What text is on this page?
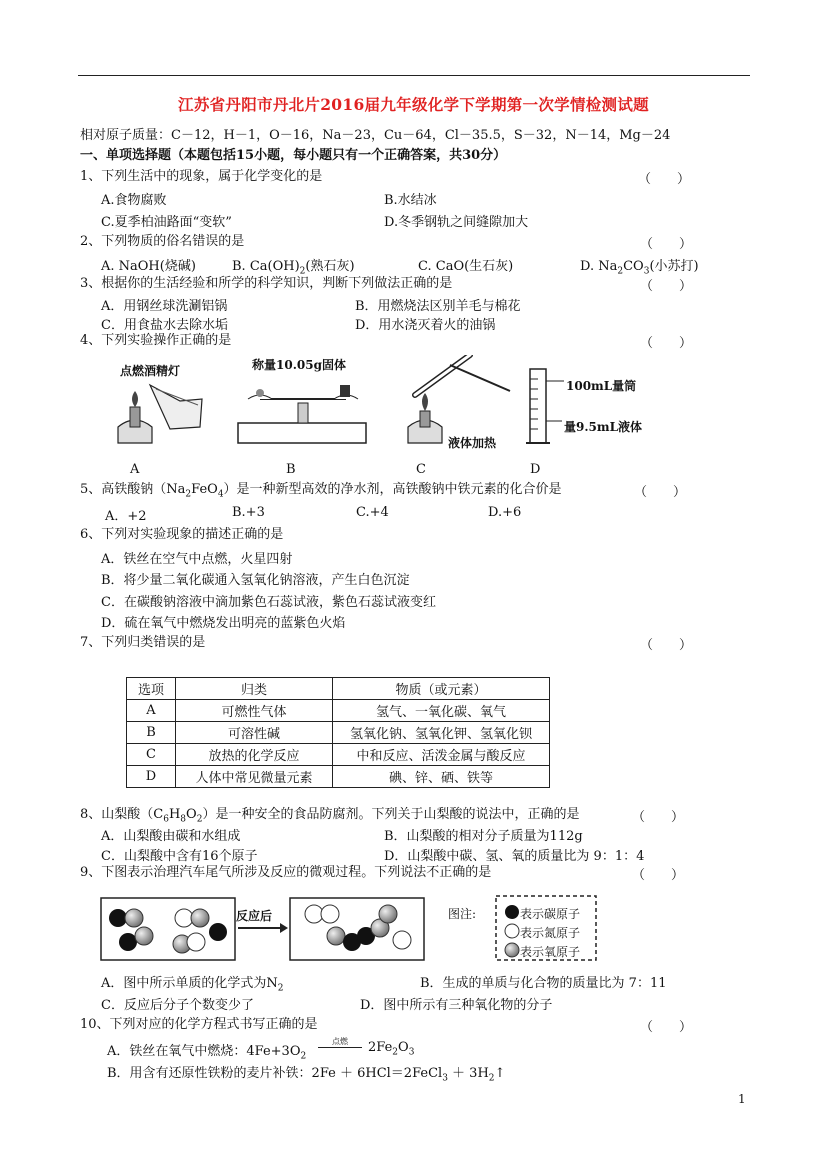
江苏省丹阳市丹北片2016届九年级化学下学期第一次学情检测试题
相对原子质量：C－12，H－1，O－16，Na－23，Cu－64，Cl－35.5，S－32，N－14，Mg－24
一、单项选择题（本题包括15小题，每小题只有一个正确答案，共30分）
1、下列生活中的现象，属于化学变化的是	（　　）
A.食物腐败	B.水结冰
C.夏季柏油路面“变软”	D.冬季钢轨之间缝隙加大
2、下列物质的俗名错误的是	（　　）
A. NaOH(烧碱)	B. $Ca(OH)_2$(熟石灰)	C. CaO(生石灰)	D. $Na_2CO_3$(小苏打)
3、根据你的生活经验和所学的科学知识，判断下列做法正确的是	（　　）
A．用钢丝球洗涮铝锅	B．用燃烧法区别羊毛与棉花
C．用食盐水去除水垢	D．用水浇灭着火的油锅
4、下列实验操作正确的是	（　　）
点燃酒精灯	称量10.05g固体
液体加热
100mL量筒
量9.5mL液体
A	B	C	D
5、高铁酸钠$(Na_2FeO_4)$是一种新型高效的净水剂，高铁酸钠中铁元素的化合价是	（　　）
A．+2	B.+3	C.+4	D.+6
6、下列对实验现象的描述正确的是
A．铁丝在空气中点燃，火星四射
B．将少量二氧化碳通入氢氧化钠溶液，产生白色沉淀
C．在碳酸钠溶液中滴加紫色石蕊试液，紫色石蕊试液变红
D．硫在氧气中燃烧发出明亮的蓝紫色火焰
7、下列归类错误的是	（　　）
选项	归类	物质（或元素）
A	可燃性气体	氢气、一氧化碳、氧气
B	可溶性碱	氢氧化钠、氢氧化钾、氢氧化钡
C	放热的化学反应	中和反应、活泼金属与酸反应
D	人体中常见微量元素	碘、锌、硒、铁等
8、山梨酸$(C_6H_8O_2)$是一种安全的食品防腐剂。下列关于山梨酸的说法中，正确的是	（　　）
A．山梨酸由碳和水组成	B．山梨酸的相对分子质量为112g
C．山梨酸中含有16个原子	D．山梨酸中碳、氢、氧的质量比为 9：1：4
9、下图表示治理汽车尾气所涉及反应的微观过程。下列说法不正确的是	（　　）
反应后	图注:	表示碳原子
表示氮原子
表示氧原子
A．图中所示单质的化学式为$N_2$	B．生成的单质与化合物的质量比为 7：11
C．反应后分子个数变少了	D．图中所示有三种氧化物的分子
10、下列对应的化学方程式书写正确的是	（　　）
A．铁丝在氧气中燃烧：$4Fe+3O_2$
点燃	$2Fe_2O_3$
B．用含有还原性铁粉的麦片补铁：2Fe ＋ 6HCl＝2FeCl$_3$ ＋ $3H_2↑$
1
